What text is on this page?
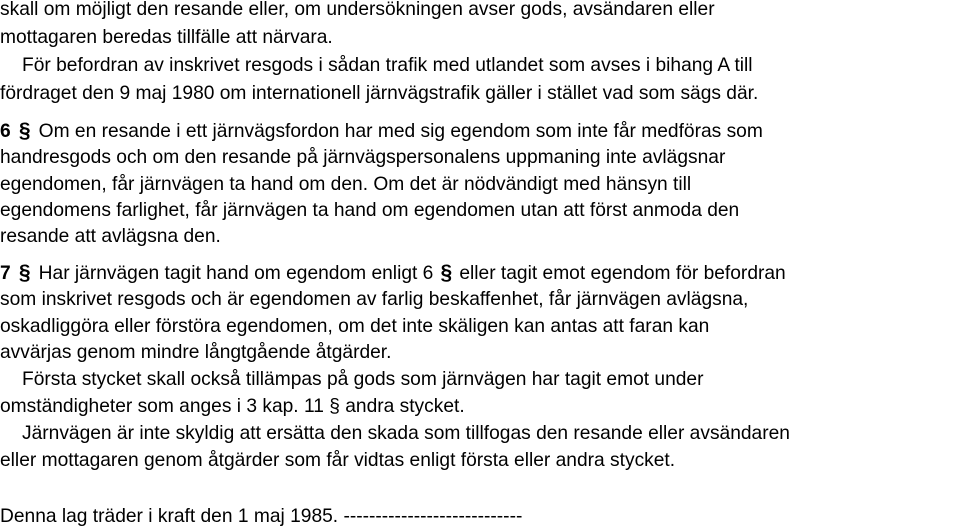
skall om möjligt den resande eller, om undersökningen avser gods, avsändaren eller
mottagaren beredas tillfälle att närvara.
För befordran av inskrivet resgods i sådan trafik med utlandet som avses i bihang A till
fördraget den 9 maj 1980 om internationell järnvägstrafik gäller i stället vad som sägs där.
6 § Om en resande i ett järnvägsfordon har med sig egendom som inte får medföras som
handresgods och om den resande på järnvägspersonalens uppmaning inte avlägsnar
egendomen, får järnvägen ta hand om den. Om det är nödvändigt med hänsyn till
egendomens farlighet, får järnvägen ta hand om egendomen utan att först anmoda den
resande att avlägsna den.
7 § Har järnvägen tagit hand om egendom enligt 6 § eller tagit emot egendom för befordran
som inskrivet resgods och är egendomen av farlig beskaffenhet, får järnvägen avlägsna,
oskadliggöra eller förstöra egendomen, om det inte skäligen kan antas att faran kan
avvärjas genom mindre långtgående åtgärder.
Första stycket skall också tillämpas på gods som järnvägen har tagit emot under
omständigheter som anges i 3 kap. 11 § andra stycket.
Järnvägen är inte skyldig att ersätta den skada som tillfogas den resande eller avsändaren
eller mottagaren genom åtgärder som får vidtas enligt första eller andra stycket.
Denna lag träder i kraft den 1 maj 1985. ----------------------------
